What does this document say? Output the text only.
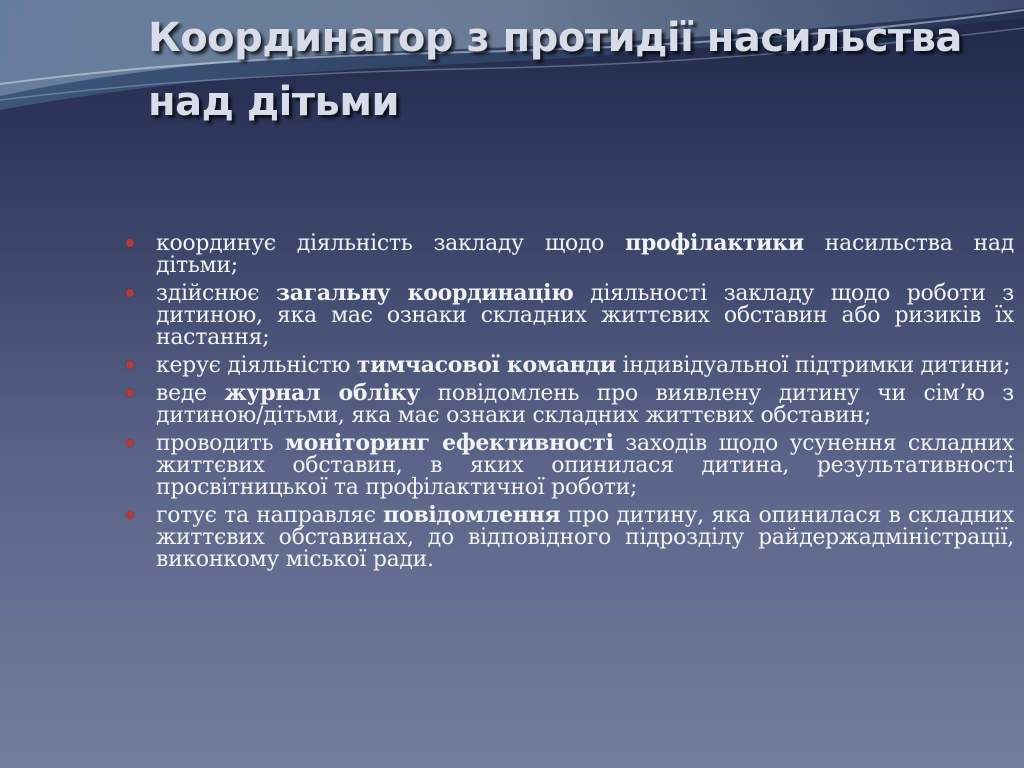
Координатор з протидії насильства над дітьми
координує діяльність закладу щодо профілактики насильства над дітьми;
здійснює загальну координацію діяльності закладу щодо роботи з дитиною, яка має ознаки складних життєвих обставин або ризиків їх настання;
керує діяльністю тимчасової команди індивідуальної підтримки дитини;
веде журнал обліку повідомлень про виявлену дитину чи сім’ю з дитиною/дітьми, яка має ознаки складних життєвих обставин;
проводить моніторинг ефективності заходів щодо усунення складних життєвих обставин, в яких опинилася дитина, результативності просвітницької та профілактичної роботи;
готує та направляє повідомлення про дитину, яка опинилася в складних життєвих обставинах, до відповідного підрозділу райдержадміністрації, виконкому міської ради.
